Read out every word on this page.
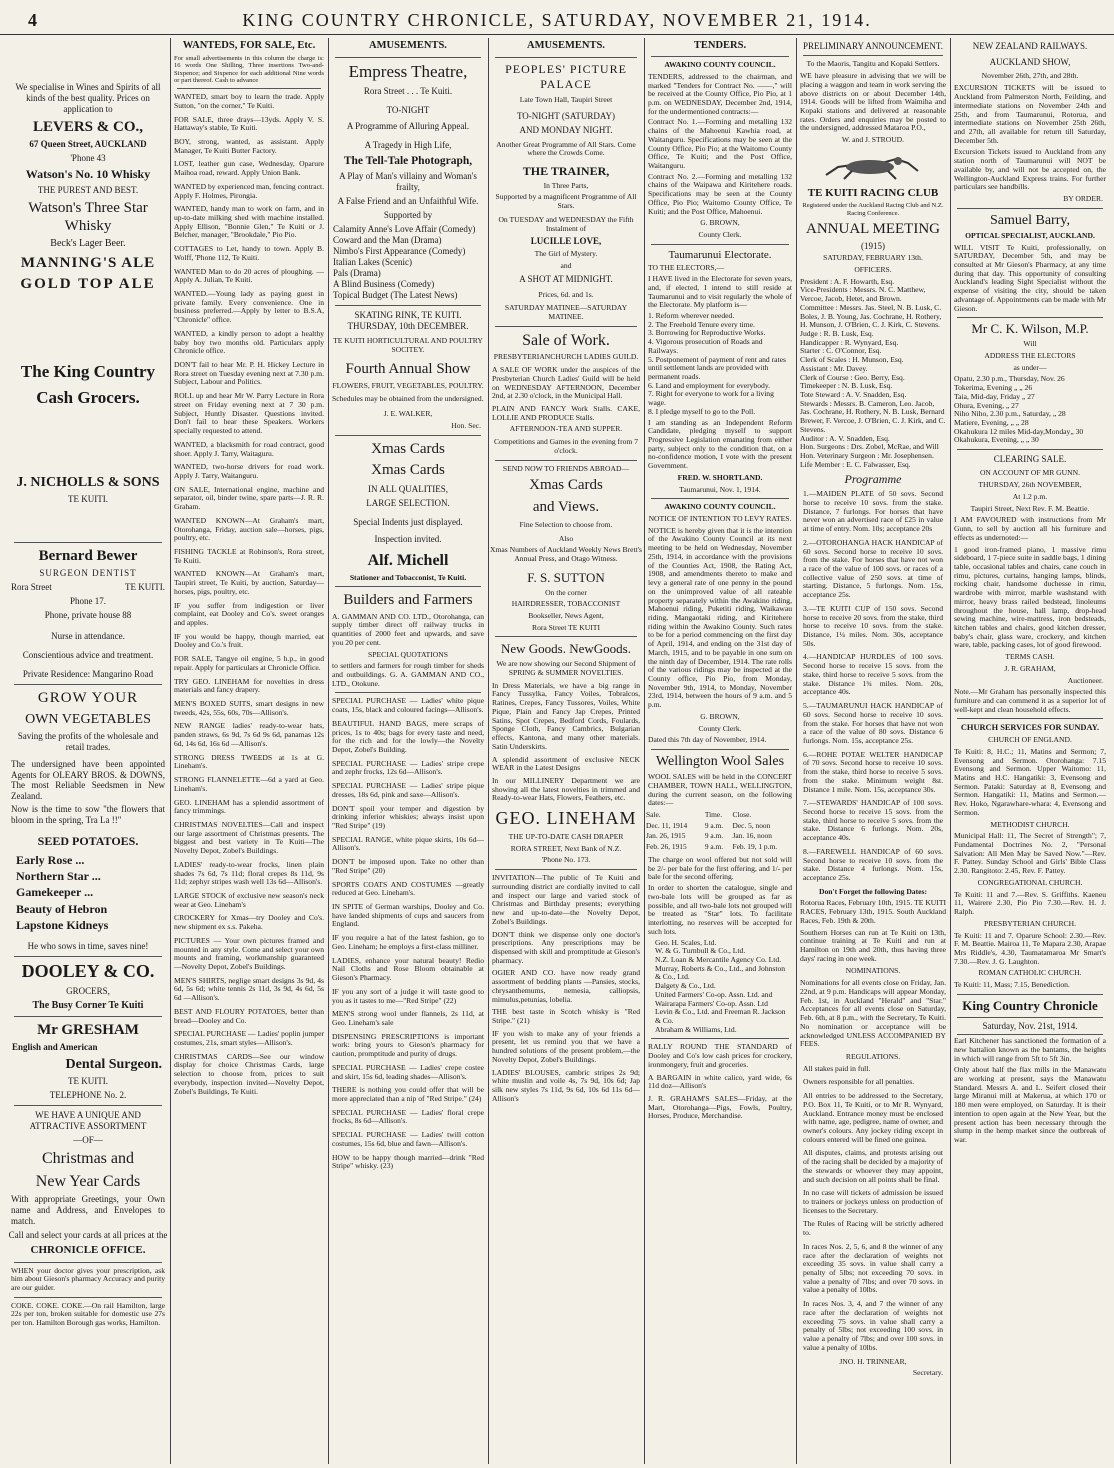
4	KING COUNTRY CHRONICLE, SATURDAY, NOVEMBER 21, 1914.
We specialise in Wines and Spirits of all kinds of the best quality. Prices on application to
LEVERS & CO.,
67 Queen Street, AUCKLAND
'Phone 43
Watson's No. 10 Whisky
THE PUREST AND BEST.
Watson's Three Star Whisky
Beck's Lager Beer.
MANNING'S ALE
GOLD TOP ALE
The King Country Cash Grocers.
J. NICHOLLS & SONS
TE KUITI.
Bernard Bewer
SURGEON DENTIST
Rora Street	TE KUITI.
Phone 17.
Phone, private house 88
Nurse in attendance.
Conscientious advice and treatment.
Private Residence: Mangarino Road
GROW YOUR
OWN VEGETABLES
Saving the profits of the wholesale and retail trades.
The undersigned have been appointed Agents for OLEARY BROS. & DOWNS, The most Reliable Seedsmen in New Zealand.
Now is the time to sow "the flowers that bloom in the spring, Tra La !!"
SEED POTATOES.
Early Rose ...
Northern Star ...
Gamekeeper ...
Beauty of Hebron
Lapstone Kidneys
He who sows in time, saves nine!
DOOLEY & CO.
GROCERS,
The Busy Corner Te Kuiti
Mr GRESHAM
English and American
Dental Surgeon.
TE KUITI.
TELEPHONE No. 2.
WE HAVE A UNIQUE AND ATTRACTIVE ASSORTMENT
—OF—
Christmas and
New Year Cards
With appropriate Greetings, your Own name and Address, and Envelopes to match.
Call and select your cards at all prices at the
CHRONICLE OFFICE.
WHEN your doctor gives your prescription, ask him about Gieson's pharmacy Accuracy and purity are our guider.
COKE. COKE. COKE.—On rail Hamilton, large 22s per ton, broken suitable for domestic use 27s per ton. Hamilton Borough gas works, Hamilton.
WANTEDS, FOR SALE, Etc.
For small advertisements in this column the charge is: 16 words One Shilling, Three insertions Two-and-Sixpence; and Sixpence for each additional Nine words or part thereof. Cash to advance
WANTED, smart boy to learn the trade. Apply Sutton, "on the corner," Te Kuiti.
FOR SALE, three drays—13yds. Apply V. S. Hattaway's stable, Te Kuiti.
BOY, strong, wanted, as assistant. Apply Manager, Te Kuiti Butter Factory.
LOST, leather gun case, Wednesday, Oparure Maihoa road, reward. Apply Union Bank.
WANTED by experienced man, fencing contract. Apply F. Holmes, Pirongia.
WANTED, handy man to work on farm, and in up-to-date milking shed with machine installed. Apply Ellison, "Bonnie Glen," Te Kuiti or J. Belcher, manager, "Brookdale," Pio Pio.
COTTAGES to Let, handy to town. Apply B. Wolff, 'Phone 112, Te Kuiti.
WANTED Man to do 20 acres of ploughing. — Apply A. Julian, Te Kuiti.
WANTED.—Young lady as paying guest in private family. Every convenience. One in business preferred.—Apply by letter to B.S.A, "Chronicle" office.
WANTED, a kindly person to adopt a healthy baby boy two months old. Particulars apply Chronicle office.
DON'T fail to hear Mr. P. H. Hickey Lecture in Rora street on Tuesday evening next at 7.30 p.m. Subject, Labour and Politics.
ROLL up and hear Mr W. Parry Lecture in Rora street on Friday evening next at 7 30 p.m. Subject, Huntly Disaster. Questions invited. Don't fail to hear these Speakers. Workers specially requested to attend.
WANTED, a blacksmith for road contract, good shoer. Apply J. Tarry, Waitaguru.
WANTED, two-horse drivers for road work. Apply J. Tarry, Waitanguru.
ON SALE, International engine, machine and separator, oil, binder twine, spare parts—J. R. R. Graham.
WANTED KNOWN—At Graham's mart, Otorohanga, Friday, auction sale—horses, pigs, poultry, etc.
FISHING TACKLE at Robinson's, Rora street, Te Kuiti.
WANTED KNOWN—At Graham's mart, Taupiri street, Te Kuiti, by auction, Saturday—horses, pigs, poultry, etc.
IF you suffer from indigestion or liver complaint, eat Dooley and Co's. sweet oranges and apples.
IF you would be happy, though married, eat Dooley and Co.'s fruit.
FOR SALE, Tangye oil engine, 5 h.p., in good repair. Apply for particulars at Chronicle Office.
TRY GEO. LINEHAM for novelties in dress materials and fancy drapery.
MEN'S BOXED SUITS, smart designs in new tweeds, 42s, 55s, 60s, 70s—Allison's.
NEW RANGE ladies' ready-to-wear hats, panden straws, 6s 9d, 7s 6d 9s 6d, panamas 12s 6d, 14s 6d, 16s 6d —Allison's.
STRONG DRESS TWEEDS at 1s at G. Lineham's.
STRONG FLANNELETTE—6d a yard at Geo. Lineham's.
GEO. LINEHAM has a splendid assortment of fancy trimmings.
CHRISTMAS NOVELTIES—Call and inspect our large assortment of Christmas presents. The biggest and best variety in Te Kuiti—The Novelty Depot, Zobel's Buildings.
LADIES' ready-to-wear frocks, linen plain shades 7s 6d, 7s 11d; floral crepes 8s 11d, 9s 11d; zephyr stripes wash well 13s 6d—Allison's.
LARGE STOCK of exclusive new season's neck wear at Geo. Lineham's
CROCKERY for Xmas—try Dooley and Co's. new shipment ex s.s. Pakeha.
PICTURES — Your own pictures framed and mounted in any style. Come and select your own mounts and framing, workmanship guaranteed —Novelty Depot, Zobel's Buildings.
MEN'S SHIRTS, neglige smart designs 3s 9d, 4s 6d, 5s 6d; white tennis 2s 11d, 3s 9d, 4s 6d, 5s 6d —Allison's.
BEST AND FLOURY POTATOES, better than bread—Dooley and Co.
SPECIAL PURCHASE — Ladies' poplin jumper costumes, 21s, smart styles—Allison's.
CHRISTMAS CARDS—See our window display for choice Christmas Cards, large selection to choose from, prices to suit everybody, inspection invited—Novelty Depot, Zobel's Buildings, Te Kuiti.
AMUSEMENTS.
Empress Theatre,
Rora Street . . . Te Kuiti.
TO-NIGHT
A Programme of Alluring Appeal.
A Tragedy in High Life,
The Tell-Tale Photograph,
A Play of Man's villainy and Woman's frailty,
A False Friend and an Unfaithful Wife.
Supported by
Calamity Anne's Love Affair (Comedy)
Coward and the Man (Drama)
Nimbo's First Appearance (Comedy)
Italian Lakes (Scenic)
Pals (Drama)
A Blind Business (Comedy)
Topical Budget (The Latest News)
SKATING RINK, TE KUITI. THURSDAY, 10th DECEMBER.
TE KUITI HORTICULTURAL AND POULTRY SOCITEY.
Fourth Annual Show
FLOWERS, FRUIT, VEGETABLES, POULTRY.
Schedules may be obtained from the undersigned.
J. E. WALKER,
Hon. Sec.
Xmas Cards
Xmas Cards
IN ALL QUALITIES,
LARGE SELECTION.
Special Indents just displayed.
Inspection invited.
Alf. Michell
Stationer and Tobacconist, Te Kuiti.
Builders and Farmers
A. GAMMAN AND CO. LTD., Otorohanga, can supply timber direct off railway trucks in quantities of 2000 feet and upwards, and save you 20 per cent.
SPECIAL QUOTATIONS
to settlers and farmers for rough timber for sheds and outbuildings. G. A. GAMMAN AND CO., LTD., Otokune.
SPECIAL PURCHASE — Ladies' white pique coats, 15s, black and coloured facings—Allison's.
BEAUTIFUL HAND BAGS, mere scraps of prices, 1s to 40s; bags for every taste and need, for the rich and for the lowly—the Novelty Depot, Zobel's Building.
SPECIAL PURCHASE — Ladies' stripe crepe and zephr frocks, 12s 6d—Allison's.
SPECIAL PURCHASE — Ladies' stripe pique dresses, 18s 6d, pink and saxe—Allison's.
DON'T spoil your temper and digestion by drinking inferior whiskies; always insist upon "Red Stripe" (19)
SPECIAL RANGE, white pique skirts, 10s 6d—Allison's.
DON'T be imposed upon. Take no other than "Red Stripe" (20)
SPORTS COATS AND COSTUMES —greatly reduced at Geo. Lineham's.
IN SPITE of German warships, Dooley and Co. have landed shipments of cups and saucers from England.
IF you require a hat of the latest fashion, go to Geo. Lineham; he employs a first-class milliner.
LADIES, enhance your natural beauty! Redio Nail Cloths and Rose Bloom obtainable at Gieson's Pharmacy.
IF you any sort of a judge it will taste good to you as it tastes to me—"Red Stripe" (22)
MEN'S strong wool under flannels, 2s 11d, at Geo. Lineham's sale
DISPENSING PRESCRIPTIONS is important work: bring yours to Gieson's pharmacy for caution, promptitude and purity of drugs.
SPECIAL PURCHASE — Ladies' crepe costee and skirt, 15s 6d, leading shades—Allison's.
THERE is nothing you could offer that will be more appreciated than a nip of "Red Stripe." (24)
SPECIAL PURCHASE — Ladies' floral crepe frocks, 8s 6d—Allison's.
SPECIAL PURCHASE — Ladies' twill cotton costumes, 15s 6d, blue and fawn—Allison's.
HOW to be happy though married—drink "Red Stripe" whisky. (23)
AMUSEMENTS.
PEOPLES' PICTURE PALACE
Late Town Hall, Taupiri Street
TO-NIGHT (SATURDAY)
AND MONDAY NIGHT.
Another Great Programme of All Stars. Come where the Crowds Come.
THE TRAINER,
In Three Parts,
Supported by a magnificent Programme of All Stars.
On TUESDAY and WEDNESDAY the Fifth Instalment of
LUCILLE LOVE,
The Girl of Mystery.
and
A SHOT AT MIDNIGHT.
Prices, 6d. and 1s.
SATURDAY MATINEE—SATURDAY MATINEE.
Sale of Work.
PRESBYTERIANCHURCH LADIES GUILD.
A SALE OF WORK under the auspices of the Presbyterian Church Ladies' Guild will be held on WEDNESDAY AFTERNOON, December 2nd, at 2.30 o'clock, in the Municipal Hall.
PLAIN AND FANCY Work Stalls. CAKE, LOLLIE AND PRODUCE Stalls.
AFTERNOON-TEA AND SUPPER.
Competitions and Games in the evening from 7 o'clock.
SEND NOW TO FRIENDS ABROAD—
Xmas Cards
and Views.
Fine Selection to choose from.
Also
Xmas Numbers of Auckland Weekly News Brett's Annual Press, and Otago Witness.
F. S. SUTTON
On the corner
HAIRDRESSER, TOBACCONIST
Bookseller, News Agent,
Rora Street TE KUITI
New Goods. NewGoods.
We are now showing our Second Shipment of SPRING & SUMMER NOVELTIES.
In Dress Materials, we have a big range in Fancy Tussylka, Fancy Voiles, Tobralcos, Ratines, Crepes, Fancy Tussores, Voiles, White Pique, Plain and Fancy Jap Crepes, Printed Satins, Spot Crepes, Bedford Cords, Foulards, Sponge Cloth, Fancy Cambrics, Bulgarian effects, Kantona, and many other materials. Satin Underskirts.
A splendid assortment of exclusive NECK WEAR in the Latest Designs
In our MILLINERY Department we are showing all the latest novelties in trimmed and Ready-to-wear Hats, Flowers, Feathers, etc.
GEO. LINEHAM
THE UP-TO-DATE CASH DRAPER
RORA STREET, Next Bank of N.Z.
'Phone No. 173.
INVITATION—The public of Te Kuiti and surrounding district are cordially invited to call and inspect our large and varied stock of Christmas and Birthday presents; everything new and up-to-date—the Novelty Depot, Zobel's Buildings.
DON'T think we dispense only one doctor's prescriptions. Any prescriptions may be dispensed with skill and promptitude at Gieson's pharmacy.
OGIER AND CO. have now ready grand assortment of bedding plants —Pansies, stocks, chrysanthemums, nemesia, calliopsis, mimulus,petunias, lobelia.
THE best taste in Scotch whisky is "Red Stripe." (21)
IF you wish to make any of your friends a present, let us remind you that we have a hundred solutions of the present problem,—the Novelty Depot, Zobel's Buildings.
LADIES' BLOUSES, cambric stripes 2s 9d; white muslin and voile 4s, 7s 9d, 10s 6d; Jap silk new styles 7s 11d, 9s 6d, 10s 6d 11s 6d—Allison's
TENDERS.
AWAKINO COUNTY COUNCIL.
TENDERS, addressed to the chairman, and marked "Tenders for Contract No. ——," will be received at the County Office, Pio Pio, at 1 p.m. on WEDNESDAY, December 2nd, 1914, for the undermentioned contracts:—
Contract No. 1.—Forming and metalling 132 chains of the Mahoenui Kawhia road, at Waitanguru. Specifications may be seen at the County Office, Pio Pio; at the Waitomo County Office, Te Kuiti; and the Post Office, Waitanguru.
Contract No. 2.—Forming and metalling 132 chains of the Waipawa and Kiritehere roads. Specifications may be seen at the County Office, Pio Pio; Waitomo County Office, Te Kuiti; and the Post Office, Mahoenui.
G. BROWN,
County Clerk.
Taumarunui Electorate.
TO THE ELECTORS,—
I HAVE lived in the Electorate for seven years, and, if elected, I intend to still reside at Taumarunui and to visit regularly the whole of the Electorate. My platform is—
1. Reform wherever needed.
2. The Freehold Tenure every time.
3. Borrowing for Reproductive Works.
4. Vigorous prosecution of Roads and Railways.
5. Postponement of payment of rent and rates until settlement lands are provided with permanent roads.
6. Land and employment for everybody.
7. Right for everyone to work for a living wage.
8. I pledge myself to go to the Poll.
I am standing as an Independent Reform Candidate, pledging myself to support Progressive Legislation emanating from either party, subject only to the condition that, on a no-confidence motion, I vote with the present Government.
FRED. W. SHORTLAND.
Taumarunui, Nov. 1, 1914.
AWAKINO COUNTY COUNCIL.
NOTICE OF INTENTION TO LEVY RATES.
NOTICE is hereby given that it is the intention of the Awakino County Council at its next meeting to be held on Wednesday, November 25th, 1914, in accordance with the provisions of the Counties Act, 1908, the Rating Act, 1908, and amendments thereto to make and levy a general rate of one penny in the pound on the unimproved value of all rateable property separately within the Awakino riding, Mahoenui riding, Puketiti riding, Waikawau riding, Mangaotaki riding, and Kiritehere riding within the Awakino County. Such rates to be for a period commencing on the first day of April, 1914, and ending on the 31st day of March, 1915, and to be payable in one sum on the ninth day of December, 1914. The rate rolls of the various ridings may be inspected at the County office, Pio Pio, from Monday, November 9th, 1914, to Monday, November 23rd, 1914, between the hours of 9 a.m. and 5 p.m.
G. BROWN,
County Clerk.
Dated this 7th day of November, 1914.
Wellington Wool Sales
WOOL SALES will be held in the CONCERT CHAMBER, TOWN HALL, WELLINGTON, during the current season, on the following dates:—
Sale.	Time.	Close.
Dec. 11, 1914	9 a.m.	Dec. 5, noon
Jan. 26, 1915	9 a.m.	Jan. 16, noon
Feb. 26, 1915	9 a.m.	Feb. 19, 1 p.m.
The charge on wool offered but not sold will be 2/- per bale for the first offering, and 1/- per bale for the second offering.
In order to shorten the catalogue, single and two-bale lots will be grouped as far as possible, and all two-bale lots not grouped will be treated as "Star" lots. To facilitate interlotting, no reserves will be accepted for such lots.
Geo. H. Scales, Ltd.
W. & G. Turnbull & Co., Ltd.
N.Z. Loan & Mercantile Agency Co. Ltd.
Murray, Roberts & Co., Ltd., and Johnston & Co., Ltd.
Dalgety & Co., Ltd.
United Farmers' Co-op. Assn. Ltd. and Wairarapa Farmers' Co-op. Assn. Ltd
Levin & Co., Ltd. and Freeman R. Jackson & Co.
Abraham & Williams, Ltd.
RALLY ROUND THE STANDARD of Dooley and Co's low cash prices for crockery, ironmongery, fruit and groceries.
A BARGAIN in white calico, yard wide, 6s 11d doz—Allison's
J. R. GRAHAM'S SALES—Friday, at the Mart, Otorohanga—Pigs, Fowls, Poultry, Horses, Produce, Merchandise.
PRELIMINARY ANNOUNCEMENT.
To the Maoris, Tangitu and Kopaki Settlers.
WE have pleasure in advising that we will be placing a waggon and team in work serving the above districts on or about December 14th, 1914. Goods will be lifted from Waimiha and Kopaki stations and delivered at reasonable rates. Orders and enquiries may be posted to the undersigned, addressed Mataroa P.O.,
W. and J. STROUD.
TE KUITI RACING CLUB
Registered under the Auckland Racing Club and N.Z. Racing Conference.
ANNUAL MEETING
(1915)
SATURDAY, FEBRUARY 13th.
OFFICERS.
President : A. F. Howarth, Esq.
Vice-Presidents : Messrs. N. C. Matthew, Vercoe, Jacob, Hetet, and Brown.
Committee : Messrs. Jas. Steel, N. B. Lusk, C. Boles, J. B. Young, Jas. Cochrane, H. Rothery, H. Munson, J. O'Brien, C. J. Kirk, C. Stevens.
Judge : R. B. Lusk, Esq.
Handicapper : R. Wynyard, Esq.
Starter : C. O'Connor, Esq.
Clerk of Scales : H. Munson, Esq.
Assistant : Mr. Davey.
Clerk of Course : Geo. Berry, Esq.
Timekeeper : N. B. Lusk, Esq.
Tote Steward : A. V. Snadden, Esq.
Stewards : Messrs. B. Cameron, Leo. Jacob, Jas. Cochrane, H. Rothery, N. B. Lusk, Bernard Brewer, F. Vercoe, J. O'Brien, C. J. Kirk, and C. Stevens.
Auditor : A. V. Snadden, Esq.
Hon. Surgeons : Drs. Zobel, McRae, and Will
Hon. Veterinary Surgeon : Mr. Josephensen.
Life Member : E. C. Falwasser, Esq.
Programme
1.—MAIDEN PLATE of 50 sovs. Second horse to receive 10 sovs. from the stake. Distance, 7 furlongs. For horses that have never won an advertised race of £25 in value at time of entry. Nom. 10s; acceptance 20s
2.—OTOROHANGA HACK HANDICAP of 60 sovs. Second horse to receive 10 sovs. from the stake. For horses that have not won a race of the value of 100 sovs. or races of a collective value of 250 sovs. at time of starting. Distance, 5 furlongs. Nom. 15s, acceptance 25s.
3.—TE KUITI CUP of 150 sovs. Second horse to receive 20 sovs. from the stake, third horse to receive 10 sovs. from the stake. Distance, 1¼ miles. Nom. 30s, acceptance 50s.
4.—HANDICAP HURDLES of 100 sovs. Second horse to receive 15 sovs. from the stake, third horse to receive 5 sovs. from the stake. Distance 1¾ miles. Nom. 20s, acceptance 40s.
5.—TAUMARUNUI HACK HANDICAP of 60 sovs. Second horse to receive 10 sovs. from the stake. For horses that have not won a race of the value of 80 sovs. Distance 6 furlongs. Nom. 15s, acceptance 25s.
6.—ROHE POTAE WELTER HANDICAP of 70 sovs. Second horse to receive 10 sovs. from the stake, third horse to receive 5 sovs. from the stake. Minimum weight 8st. Distance 1 mile. Nom. 15s, acceptance 30s.
7.—STEWARDS' HANDICAP of 100 sovs. Second horse to receive 15 sovs. from the stake, third horse to receive 5 sovs. from the stake. Distance 6 furlongs. Nom. 20s, acceptance 40s.
8.—FAREWELL HANDICAP of 60 sovs. Second horse to receive 10 sovs. from the stake. Distance 4 furlongs. Nom. 15s, acceptance 25s.
Don't Forget the following Dates:
Rotorua Races, February 10th, 1915. TE KUITI RACES, February 13th, 1915. South Auckland Races, Feb. 19th & 20th.
Southern Horses can run at Te Kuiti on 13th, continue training at Te Kuiti and run at Hamilton on 19th and 20th, thus having three days' racing in one week.
NOMINATIONS.
Nominations for all events close on Friday, Jan. 22nd, at 9 p.m. Handicaps will appear Monday, Feb. 1st, in Auckland "Herald" and "Star." Acceptances for all events close on Saturday, Feb. 6th, at 8 p.m., with the Secretary, Te Kuiti. No nomination or acceptance will be acknowledged UNLESS ACCOMPANIED BY FEES.
REGULATIONS.
All stakes paid in full.
Owners responsible for all penalties.
All entries to be addressed to the Secretary, P.O. Box 11, Te Kuiti, or to Mr R. Wynyard, Auckland. Entrance money must be enclosed with name, age, pedigree, name of owner, and owner's colours. Any jockey riding except in colours entered will be fined one guinea.
All disputes, claims, and protests arising out of the racing shall be decided by a majority of the stewards or whoever they may appoint, and such decision on all points shall be final.
In no case will tickets of admission be issued to trainers or jockeys unless on production of licenses to the Secretary.
The Rules of Racing will be strictly adhered to.
In races Nos. 2, 5, 6, and 8 the winner of any race after the declaration of weights not exceeding 35 sovs. in value shall carry a penalty of 5lbs; not exceeding 70 sovs. in value a penalty of 7lbs; and over 70 sovs. in value a penalty of 10lbs.
In races Nos. 3, 4, and 7 the winner of any race after the declaration of weights not exceeding 75 sovs. in value shall carry a penalty of 5lbs; not exceeding 100 sovs. in value a penalty of 7lbs; and over 100 sovs. in value a penalty of 10lbs.
JNO. H. TRINNEAR,
Secretary.
NEW ZEALAND RAILWAYS.
AUCKLAND SHOW,
November 26th, 27th, and 28th.
EXCURSION TICKETS will be issued to Auckland from Palmerston North, Feilding, and intermediate stations on November 24th and 25th, and from Taumarunui, Rotorua, and intermediate stations on November 25th 26th, and 27th, all available for return till Saturday, December 5th.
Excursion Tickets issued to Auckland from any station north of Taumarunui will NOT be available by, and will not be accepted on, the Wellington-Auckland Express trains. For further particulars see handbills.
BY ORDER.
Samuel Barry,
OPTICAL SPECIALIST, AUCKLAND.
WILL VISIT Te Kuiti, professionally, on SATURDAY, December 5th, and may be consulted at Mr Gieson's Pharmacy, at any time during that day. This opportunity of consulting Auckland's leading Sight Specialist without the expense of visiting the city, should be taken advantage of. Appointments can be made with Mr Gieson.
Mr C. K. Wilson, M.P.
Will
ADDRESS THE ELECTORS
as under—
Opatu, 2.30 p.m., Thursday, Nov. 26
Tokerima, Evening „ „ 26
Taia, Mid-day, Friday „ 27
Ohura, Evening, „ 27
Niho Niho, 2.30 p.m., Saturday, „ 28
Matiere, Evening, „ „ 28
Okahukura 12 miles Mid-day,Monday„ 30
Okahukura, Evening, „ „ 30
CLEARING SALE.
ON ACCOUNT OF MR GUNN.
THURSDAY, 26th NOVEMBER,
At 1.2 p.m.
Taupiri Street, Next Rev. F. M. Beattie.
I AM FAVOURED with instructions from Mr Gunn, to sell by auction all his furniture and effects as undernoted:—
1 good iron-framed piano, 1 massive rimu sideboard, 1 7-piece suite in saddle bags, 1 dining table, occasional tables and chairs, cane couch in rimu, pictures, curtains, hanging lamps, blinds, rocking chair, handsome duchesse in rimu, wardrobe with mirror, marble washstand with mirror, heavy brass railed bedstead, linoleums throughout the house, hall lamp, drop-head sewing machine, wire-mattress, iron bedsteads, kitchen tables and chairs, good kitchen dresser, baby's chair, glass ware, crockery, and kitchen ware, table, packing cases, lot of good firewood.
TERMS CASH.
J. R. GRAHAM,
Auctioneer.
Note.—Mr Graham has personally inspected this furniture and can commend it as a superior lot of well-kept and clean household effects.
CHURCH SERVICES FOR SUNDAY.
CHURCH OF ENGLAND.
Te Kuiti: 8, H.C.; 11, Matins and Sermon; 7, Evensong and Sermon. Otorohanga: 7.15 Evensong and Sermon. Upper Waitomo: 11, Matins and H.C. Hangatiki: 3, Evensong and Sermon. Pataki: Saturday at 8, Evensong and Sermon. Hangatiki: 11, Matins and Sermon.—Rev. Hoko, Ngarawhare-whara: 4, Evensong and Sermon.
METHODIST CHURCH.
Municipal Hall: 11, The Secret of Strength"; 7, Fundamental Doctrines No. 2, "Personal Salvation: All Men May be Saved Now."—Rev. F. Pattey. Sunday School and Girls' Bible Class 2.30. Rangitoto: 2.45, Rev. F. Pattey.
CONGREGATIONAL CHURCH.
Te Kuiti: 11 and 7.—Rev. S. Griffiths. Kaeneu 11, Wairere 2.30, Pio Pio 7.30.—Rev. H. J. Ralph.
PRESBYTERIAN CHURCH.
Te Kuiti: 11 and 7. Oparure School: 2.30.—Rev. F. M. Beattie. Mairoa 11, Te Mapara 2.30, Arapae Mrs Riddle's, 4.30, Taumatamaroa Mr Smart's 7.30.—Rev. J. G. Laughton.
ROMAN CATHOLIC CHURCH.
Te Kuiti: 11, Mass; 7.15, Benediction.
King Country Chronicle
Saturday, Nov. 21st, 1914.
Earl Kitchener has sanctioned the formation of a new battalion known as the bantams, the heights in which will range from 5ft to 5ft 3in.
Only about half the flax mills in the Manawatu are working at present, says the Manawatu Standard. Messrs A. and L. Seifert closed their large Miranui mill at Makerua, at which 170 or 180 men were employed, on Saturday. It is their intention to open again at the New Year, but the present action has been necessary through the slump in the hemp market since the outbreak of war.
